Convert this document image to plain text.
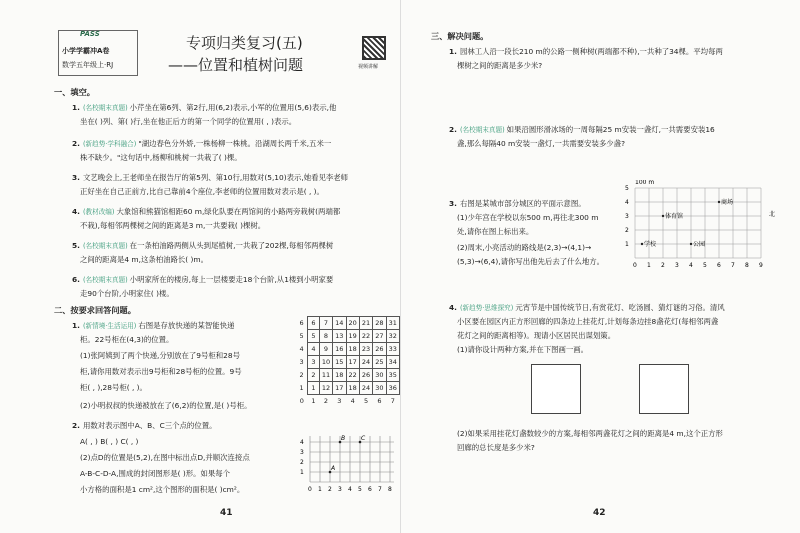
PASS
小学学霸冲A卷
数学五年级上·RJ
专项归类复习(五)
——位置和植树问题	视频讲解
一、填空。
1. (名校期末真题) 小芹坐在第6列、第2行,用(6,2)表示,小军的位置用(5,6)表示,他
坐在( )列、第( )行,坐在他正后方的第一个同学的位置用( , )表示。
2. (新趋势·学科融合) "湖边春色分外娇,一株杨柳一株桃。沿湖周长两千米,五米一
株不缺少。"这句话中,杨柳和桃树一共栽了( )棵。
3. 文艺晚会上,王老师坐在报告厅的第5列、第10行,用数对(5,10)表示,她看见李老师
正好坐在自己正前方,比自己靠前4个座位,李老师的位置用数对表示是( , )。
4. (教材改编) 大象馆和熊猫馆相距60 m,绿化队要在两馆间的小路两旁栽树(两端都
不栽),每相邻两棵树之间的距离是3 m,一共要栽( )棵树。
5. (名校期末真题) 在一条柏油路两侧从头到尾植树,一共栽了202棵,每相邻两棵树
之间的距离是4 m,这条柏油路长( )m。
6. (名校期末真题) 小明家所在的楼房,每上一层楼要走18个台阶,从1楼到小明家要
走90个台阶,小明家住( )楼。
二、按要求回答问题。
1. (新情境·生活运用) 右图是存放快递的某智能快递
柜。22号柜在(4,3)的位置。
(1)张阿姨到了两个快递,分别放在了9号柜和28号
柜,请你用数对表示出9号柜和28号柜的位置。9号
柜( , ),28号柜( , )。
(2)小明叔叔的快递被放在了(6,2)的位置,是( )号柜。
6	6	7	14	20	21	28	31
5	5	8	13	19	22	27	32
4	4	9	16	18	23	26	33
3	3	10	15	17	24	25	34
2	2	11	18	22	26	30	35
1	1	12	17	18	24	30	36
0	1	2	3	4	5	6	7
2. 用数对表示图中A、B、C三个点的位置。
A( , ) B( , ) C( , )
(2)点D的位置是(5,2),在图中标出点D,并顺次连接点
A-B-C-D-A,围成的封闭图形是( )形。如果每个
小方格的面积是1 cm²,这个图形的面积是( )cm²。	0 1 2 3 4 5 6 7 8
1
2
3
4
A
B	C
41
三、解决问题。
1. 园林工人沿一段长210 m的公路一侧种树(两端都不种),一共种了34棵。平均每两
棵树之间的距离是多少米?
2. (名校期末真题) 如果沿圆形滑冰场的一周每隔25 m安装一盏灯,一共需要安装16
盏,那么每隔40 m安装一盏灯,一共需要安装多少盏?
3. 右图是某城市部分城区的平面示意图。
(1)少年宫在学校以东500 m,再往北300 m
处,请你在图上标出来。
(2)周末,小亮活动的路线是(2,3)→(4,1)→
(5,3)→(6,4),请你写出他先后去了什么地方。	0 1 2 3 4 5 6 7 8 9
1
2
3
4
5
100 m
北
体育馆
商场
学校	公园
4. (新趋势·思维探究) 元宵节是中国传统节日,有赏花灯、吃汤圆、猜灯谜的习俗。清风
小区要在园区内正方形回廊的四条边上挂花灯,计划每条边挂8盏花灯(每相邻两盏
花灯之间的距离相等)。现请小区居民出谋划策。
(1)请你设计两种方案,并在下图画一画。
(2)如果采用挂花灯盏数较少的方案,每相邻两盏花灯之间的距离是4 m,这个正方形
回廊的总长度是多少米?
42
